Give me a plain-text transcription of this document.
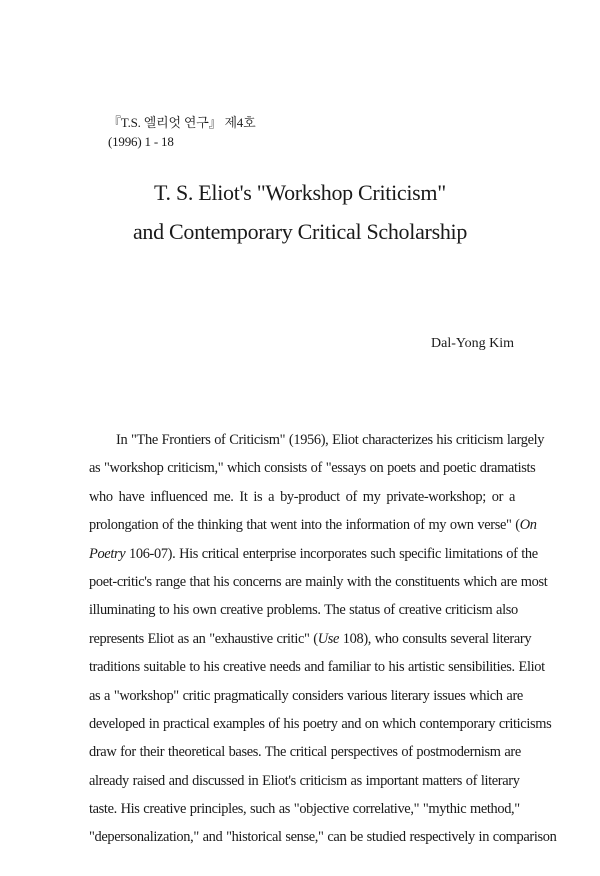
『T.S. 엘리엇 연구』 제4호
(1996) 1 - 18
T. S. Eliot's "Workshop Criticism"
and Contemporary Critical Scholarship
Dal-Yong Kim
In "The Frontiers of Criticism" (1956), Eliot characterizes his criticism largely
as "workshop criticism," which consists of "essays on poets and poetic dramatists
who have influenced me. It is a by-product of my private-workshop; or a
prolongation of the thinking that went into the information of my own verse" (On
Poetry 106-07). His critical enterprise incorporates such specific limitations of the
poet-critic's range that his concerns are mainly with the constituents which are most
illuminating to his own creative problems. The status of creative criticism also
represents Eliot as an "exhaustive critic" (Use 108), who consults several literary
traditions suitable to his creative needs and familiar to his artistic sensibilities. Eliot
as a "workshop" critic pragmatically considers various literary issues which are
developed in practical examples of his poetry and on which contemporary criticisms
draw for their theoretical bases. The critical perspectives of postmodernism are
already raised and discussed in Eliot's criticism as important matters of literary
taste. His creative principles, such as "objective correlative," "mythic method,"
"depersonalization," and "historical sense," can be studied respectively in comparison
